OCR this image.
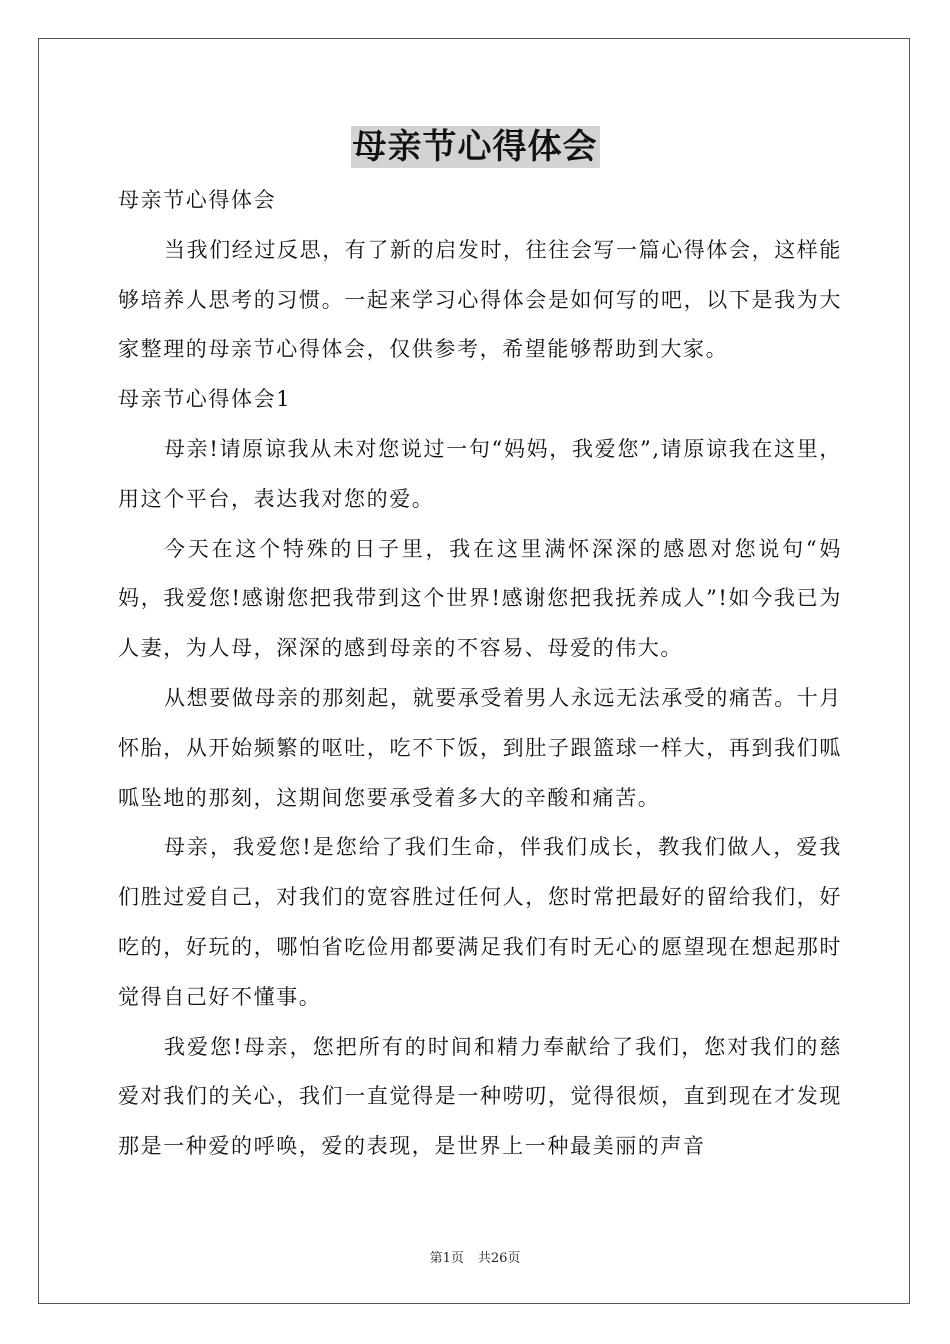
母亲节心得体会

母亲节心得体会

当我们经过反思，有了新的启发时，往往会写一篇心得体会，这样能够培养人思考的习惯。一起来学习心得体会是如何写的吧，以下是我为大家整理的母亲节心得体会，仅供参考，希望能够帮助到大家。

母亲节心得体会1

母亲!请原谅我从未对您说过一句“妈妈，我爱您”,请原谅我在这里，用这个平台，表达我对您的爱。

今天在这个特殊的日子里，我在这里满怀深深的感恩对您说句“妈妈，我爱您!感谢您把我带到这个世界!感谢您把我抚养成人”!如今我已为人妻，为人母，深深的感到母亲的不容易、母爱的伟大。

从想要做母亲的那刻起，就要承受着男人永远无法承受的痛苦。十月怀胎，从开始频繁的呕吐，吃不下饭，到肚子跟篮球一样大，再到我们呱呱坠地的那刻，这期间您要承受着多大的辛酸和痛苦。

母亲，我爱您!是您给了我们生命，伴我们成长，教我们做人，爱我们胜过爱自己，对我们的宽容胜过任何人，您时常把最好的留给我们，好吃的，好玩的，哪怕省吃俭用都要满足我们有时无心的愿望现在想起那时觉得自己好不懂事。

我爱您!母亲，您把所有的时间和精力奉献给了我们，您对我们的慈爱对我们的关心，我们一直觉得是一种唠叨，觉得很烦，直到现在才发现那是一种爱的呼唤，爱的表现，是世界上一种最美丽的声音

第1页 共26页
